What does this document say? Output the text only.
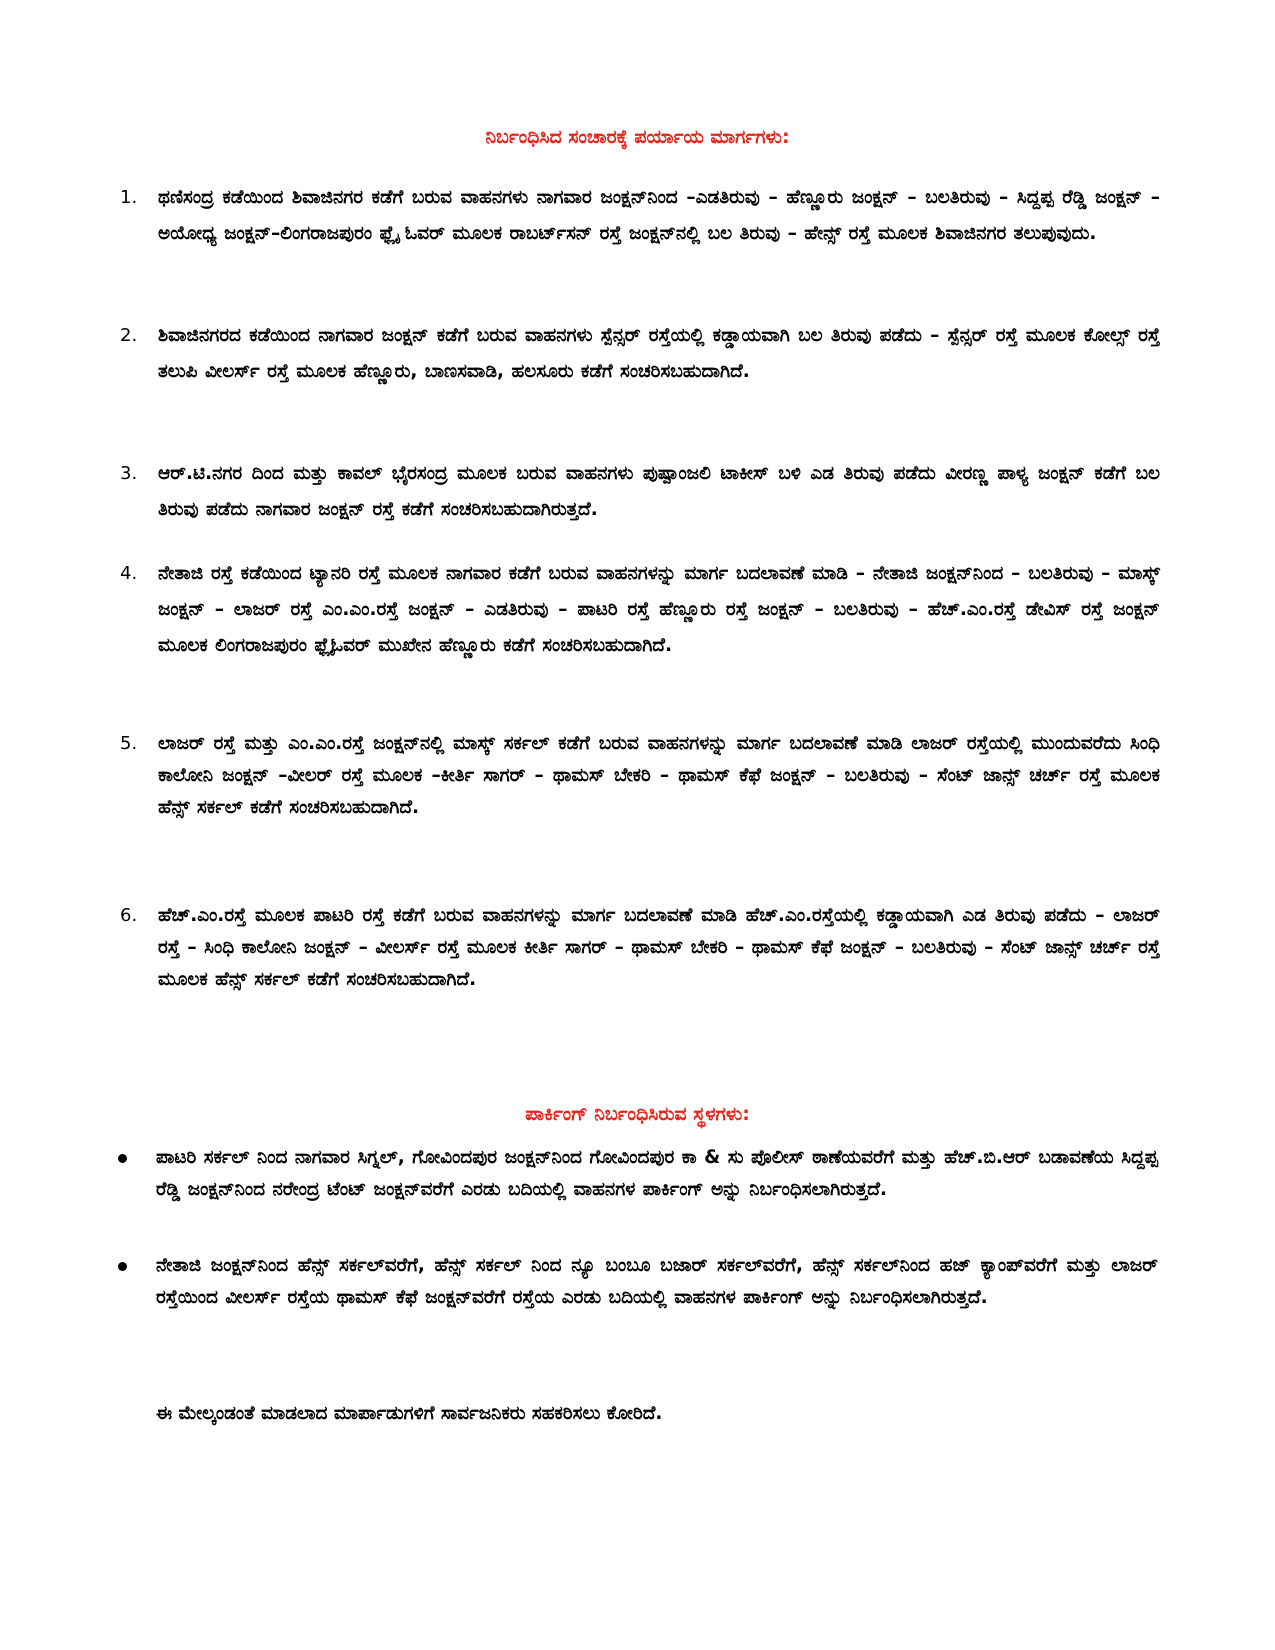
ನಿರ್ಬಂಧಿಸಿದ ಸಂಚಾರಕ್ಕೆ ಪರ್ಯಾಯ ಮಾರ್ಗಗಳು:
1. ಥಣಿಸಂದ್ರ ಕಡೆಯಿಂದ ಶಿವಾಜಿನಗರ ಕಡೆಗೆ ಬರುವ ವಾಹನಗಳು ನಾಗವಾರ ಜಂಕ್ಷನ್‌ನಿಂದ –ಎಡತಿರುವು – ಹೆಣ್ಣೂರು ಜಂಕ್ಷನ್ – ಬಲತಿರುವು – ಸಿದ್ದಪ್ಪ ರೆಡ್ಡಿ ಜಂಕ್ಷನ್ – ಅಯೋಧ್ಯ ಜಂಕ್ಷನ್–ಲಿಂಗರಾಜಪುರಂ ಫ್ಲೈ ಓವರ್ ಮೂಲಕ ರಾಬರ್ಟ್‌ಸನ್ ರಸ್ತೆ ಜಂಕ್ಷನ್‌ನಲ್ಲಿ ಬಲ ತಿರುವು – ಹೇನ್ಸ್ ರಸ್ತೆ ಮೂಲಕ ಶಿವಾಜಿನಗರ ತಲುಪುವುದು.
2. ಶಿವಾಜಿನಗರದ ಕಡೆಯಿಂದ ನಾಗವಾರ ಜಂಕ್ಷನ್ ಕಡೆಗೆ ಬರುವ ವಾಹನಗಳು ಸ್ಪೆನ್ಸರ್ ರಸ್ತೆಯಲ್ಲಿ ಕಡ್ಡಾಯವಾಗಿ ಬಲ ತಿರುವು ಪಡೆದು – ಸ್ಪೆನ್ಸರ್ ರಸ್ತೆ ಮೂಲಕ ಕೋಲ್ಸ್ ರಸ್ತೆ ತಲುಪಿ ವೀಲರ್ಸ್ ರಸ್ತೆ ಮೂಲಕ ಹೆಣ್ಣೂರು, ಬಾಣಸವಾಡಿ, ಹಲಸೂರು ಕಡೆಗೆ ಸಂಚರಿಸಬಹುದಾಗಿದೆ.
3. ಆರ್.ಟಿ.ನಗರ ದಿಂದ ಮತ್ತು ಕಾವಲ್ ಭೈರಸಂದ್ರ ಮೂಲಕ ಬರುವ ವಾಹನಗಳು ಪುಷ್ಪಾಂಜಲಿ ಟಾಕೀಸ್ ಬಳಿ ಎಡ ತಿರುವು ಪಡೆದು ವೀರಣ್ಣ ಪಾಳ್ಯ ಜಂಕ್ಷನ್ ಕಡೆಗೆ ಬಲ ತಿರುವು ಪಡೆದು ನಾಗವಾರ ಜಂಕ್ಷನ್ ರಸ್ತೆ ಕಡೆಗೆ ಸಂಚರಿಸಬಹುದಾಗಿರುತ್ತದೆ.
4. ನೇತಾಜಿ ರಸ್ತೆ ಕಡೆಯಿಂದ ಟ್ಯಾನರಿ ರಸ್ತೆ ಮೂಲಕ ನಾಗವಾರ ಕಡೆಗೆ ಬರುವ ವಾಹನಗಳನ್ನು ಮಾರ್ಗ ಬದಲಾವಣೆ ಮಾಡಿ – ನೇತಾಜಿ ಜಂಕ್ಷನ್‌ನಿಂದ – ಬಲತಿರುವು – ಮಾಸ್ಕ್ ಜಂಕ್ಷನ್ – ಲಾಜರ್ ರಸ್ತೆ ಎಂ.ಎಂ.ರಸ್ತೆ ಜಂಕ್ಷನ್ – ಎಡತಿರುವು – ಪಾಟರಿ ರಸ್ತೆ ಹೆಣ್ಣೂರು ರಸ್ತೆ ಜಂಕ್ಷನ್ – ಬಲತಿರುವು – ಹೆಚ್.ಎಂ.ರಸ್ತೆ ಡೇವಿಸ್ ರಸ್ತೆ ಜಂಕ್ಷನ್ ಮೂಲಕ ಲಿಂಗರಾಜಪುರಂ ಫ್ಲೈಓವರ್ ಮುಖೇನ ಹೆಣ್ಣೂರು ಕಡೆಗೆ ಸಂಚರಿಸಬಹುದಾಗಿದೆ.
5. ಲಾಜರ್ ರಸ್ತೆ ಮತ್ತು ಎಂ.ಎಂ.ರಸ್ತೆ ಜಂಕ್ಷನ್‌ನಲ್ಲಿ ಮಾಸ್ಕ್ ಸರ್ಕಲ್ ಕಡೆಗೆ ಬರುವ ವಾಹನಗಳನ್ನು ಮಾರ್ಗ ಬದಲಾವಣೆ ಮಾಡಿ ಲಾಜರ್ ರಸ್ತೆಯಲ್ಲಿ ಮುಂದುವರೆದು ಸಿಂಧಿ ಕಾಲೋನಿ ಜಂಕ್ಷನ್ –ವೀಲರ್ ರಸ್ತೆ ಮೂಲಕ –ಕೀರ್ತಿ ಸಾಗರ್ – ಥಾಮಸ್ ಬೇಕರಿ – ಥಾಮಸ್ ಕೆಫೆ ಜಂಕ್ಷನ್ – ಬಲತಿರುವು – ಸೆಂಟ್ ಜಾನ್ಸ್ ಚರ್ಚ್ ರಸ್ತೆ ಮೂಲಕ ಹೆನ್ಸ್ ಸರ್ಕಲ್ ಕಡೆಗೆ ಸಂಚರಿಸಬಹುದಾಗಿದೆ.
6. ಹೆಚ್.ಎಂ.ರಸ್ತೆ ಮೂಲಕ ಪಾಟರಿ ರಸ್ತೆ ಕಡೆಗೆ ಬರುವ ವಾಹನಗಳನ್ನು ಮಾರ್ಗ ಬದಲಾವಣೆ ಮಾಡಿ ಹೆಚ್.ಎಂ.ರಸ್ತೆಯಲ್ಲಿ ಕಡ್ಡಾಯವಾಗಿ ಎಡ ತಿರುವು ಪಡೆದು – ಲಾಜರ್ ರಸ್ತೆ – ಸಿಂಧಿ ಕಾಲೋನಿ ಜಂಕ್ಷನ್ – ವೀಲರ್ಸ್ ರಸ್ತೆ ಮೂಲಕ ಕೀರ್ತಿ ಸಾಗರ್ – ಥಾಮಸ್ ಬೇಕರಿ – ಥಾಮಸ್ ಕೆಫೆ ಜಂಕ್ಷನ್ – ಬಲತಿರುವು – ಸೆಂಟ್ ಜಾನ್ಸ್ ಚರ್ಚ್ ರಸ್ತೆ ಮೂಲಕ ಹೆನ್ಸ್ ಸರ್ಕಲ್ ಕಡೆಗೆ ಸಂಚರಿಸಬಹುದಾಗಿದೆ.
ಪಾರ್ಕಿಂಗ್ ನಿರ್ಬಂಧಿಸಿರುವ ಸ್ಥಳಗಳು:
ಪಾಟರಿ ಸರ್ಕಲ್ ನಿಂದ ನಾಗವಾರ ಸಿಗ್ನಲ್, ಗೋವಿಂದಪುರ ಜಂಕ್ಷನ್‌ನಿಂದ ಗೋವಿಂದಪುರ ಕಾ & ಸು ಪೊಲೀಸ್ ಠಾಣೆಯವರೆಗೆ ಮತ್ತು ಹೆಚ್.ಬಿ.ಆರ್ ಬಡಾವಣೆಯ ಸಿದ್ದಪ್ಪ ರೆಡ್ಡಿ ಜಂಕ್ಷನ್‌ನಿಂದ ನರೇಂದ್ರ ಟೆಂಟ್ ಜಂಕ್ಷನ್‌ವರೆಗೆ ಎರಡು ಬದಿಯಲ್ಲಿ ವಾಹನಗಳ ಪಾರ್ಕಿಂಗ್ ಅನ್ನು ನಿರ್ಬಂಧಿಸಲಾಗಿರುತ್ತದೆ.
ನೇತಾಜಿ ಜಂಕ್ಷನ್‌ನಿಂದ ಹೆನ್ಸ್ ಸರ್ಕಲ್‌ವರೆಗೆ, ಹೆನ್ಸ್ ಸರ್ಕಲ್ ನಿಂದ ನ್ಯೂ ಬಂಬೂ ಬಜಾರ್ ಸರ್ಕಲ್‌ವರೆಗೆ, ಹೆನ್ಸ್ ಸರ್ಕಲ್‌ನಿಂದ ಹಜ್ ಕ್ಯಾಂಪ್‌ವರೆಗೆ ಮತ್ತು ಲಾಜರ್ ರಸ್ತೆಯಿಂದ ವೀಲರ್ಸ್ ರಸ್ತೆಯ ಥಾಮಸ್ ಕೆಫೆ ಜಂಕ್ಷನ್‌ವರೆಗೆ ರಸ್ತೆಯ ಎರಡು ಬದಿಯಲ್ಲಿ ವಾಹನಗಳ ಪಾರ್ಕಿಂಗ್ ಅನ್ನು ನಿರ್ಬಂಧಿಸಲಾಗಿರುತ್ತದೆ.
ಈ ಮೇಲ್ಕಂಡಂತೆ ಮಾಡಲಾದ ಮಾರ್ಪಾಡುಗಳಿಗೆ ಸಾರ್ವಜನಿಕರು ಸಹಕರಿಸಲು ಕೋರಿದೆ.
